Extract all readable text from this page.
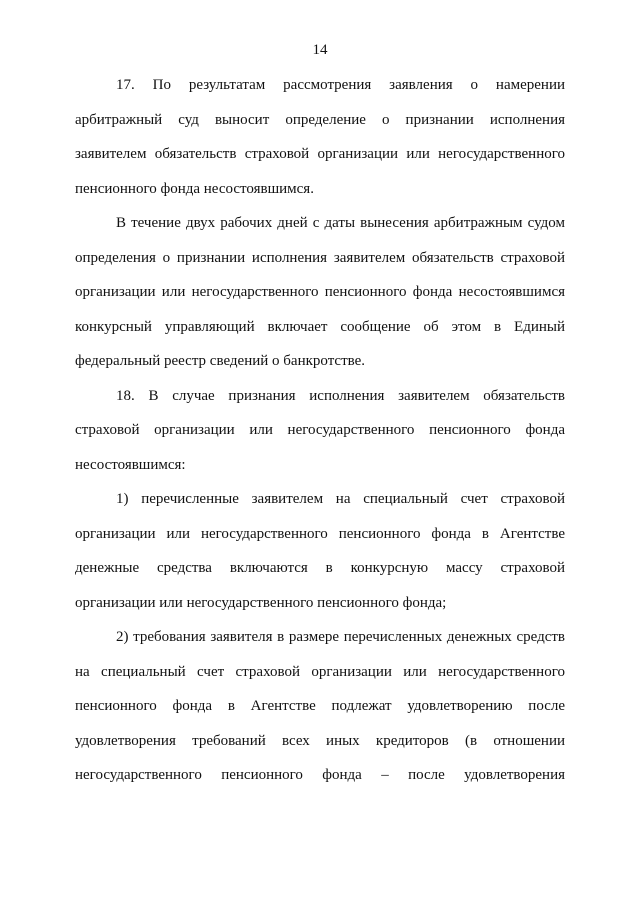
14

17. По результатам рассмотрения заявления о намерении
арбитражный суд выносит определение о признании исполнения
заявителем обязательств страховой организации или негосударственного
пенсионного фонда несостоявшимся.

В течение двух рабочих дней с даты вынесения арбитражным судом
определения о признании исполнения заявителем обязательств страховой
организации или негосударственного пенсионного фонда несостоявшимся
конкурсный управляющий включает сообщение об этом в Единый
федеральный реестр сведений о банкротстве.

18. В случае признания исполнения заявителем обязательств
страховой организации или негосударственного пенсионного фонда
несостоявшимся:

1) перечисленные заявителем на специальный счет страховой
организации или негосударственного пенсионного фонда в Агентстве
денежные средства включаются в конкурсную массу страховой
организации или негосударственного пенсионного фонда;

2) требования заявителя в размере перечисленных денежных средств
на специальный счет страховой организации или негосударственного
пенсионного фонда в Агентстве подлежат удовлетворению после
удовлетворения требований всех иных кредиторов (в отношении
негосударственного пенсионного фонда – после удовлетворения
